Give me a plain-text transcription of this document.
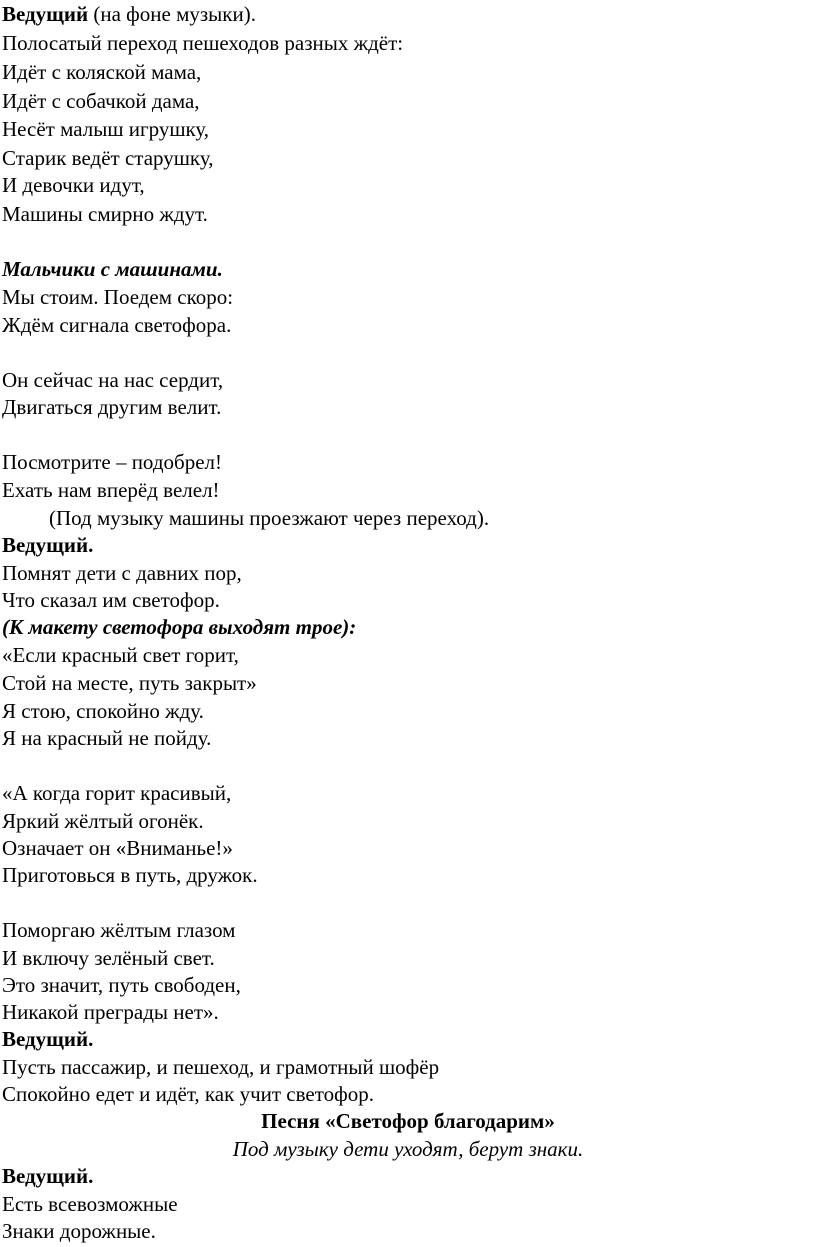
Ведущий (на фоне музыки).
Полосатый переход пешеходов разных ждёт:
Идёт с коляской мама,
Идёт с собачкой дама,
Несёт малыш игрушку,
Старик ведёт старушку,
И девочки идут,
Машины смирно ждут.
Мальчики с машинами.
Мы стоим. Поедем скоро:
Ждём сигнала светофора.
Он сейчас на нас сердит,
Двигаться другим велит.
Посмотрите – подобрел!
Ехать нам вперёд велел!
(Под музыку машины проезжают через переход).
Ведущий.
Помнят дети с давних пор,
Что сказал им светофор.
(К макету светофора выходят трое):
«Если красный свет горит,
Стой на месте, путь закрыт»
Я стою, спокойно жду.
Я на красный не пойду.
«А когда горит красивый,
Яркий жёлтый огонёк.
Означает он «Вниманье!»
Приготовься в путь, дружок.
Поморгаю жёлтым глазом
И включу зелёный свет.
Это значит, путь свободен,
Никакой преграды нет».
Ведущий.
Пусть пассажир, и пешеход, и грамотный шофёр
Спокойно едет и идёт, как учит светофор.
Песня «Светофор благодарим»
Под музыку дети уходят, берут знаки.
Ведущий.
Есть всевозможные
Знаки дорожные.
